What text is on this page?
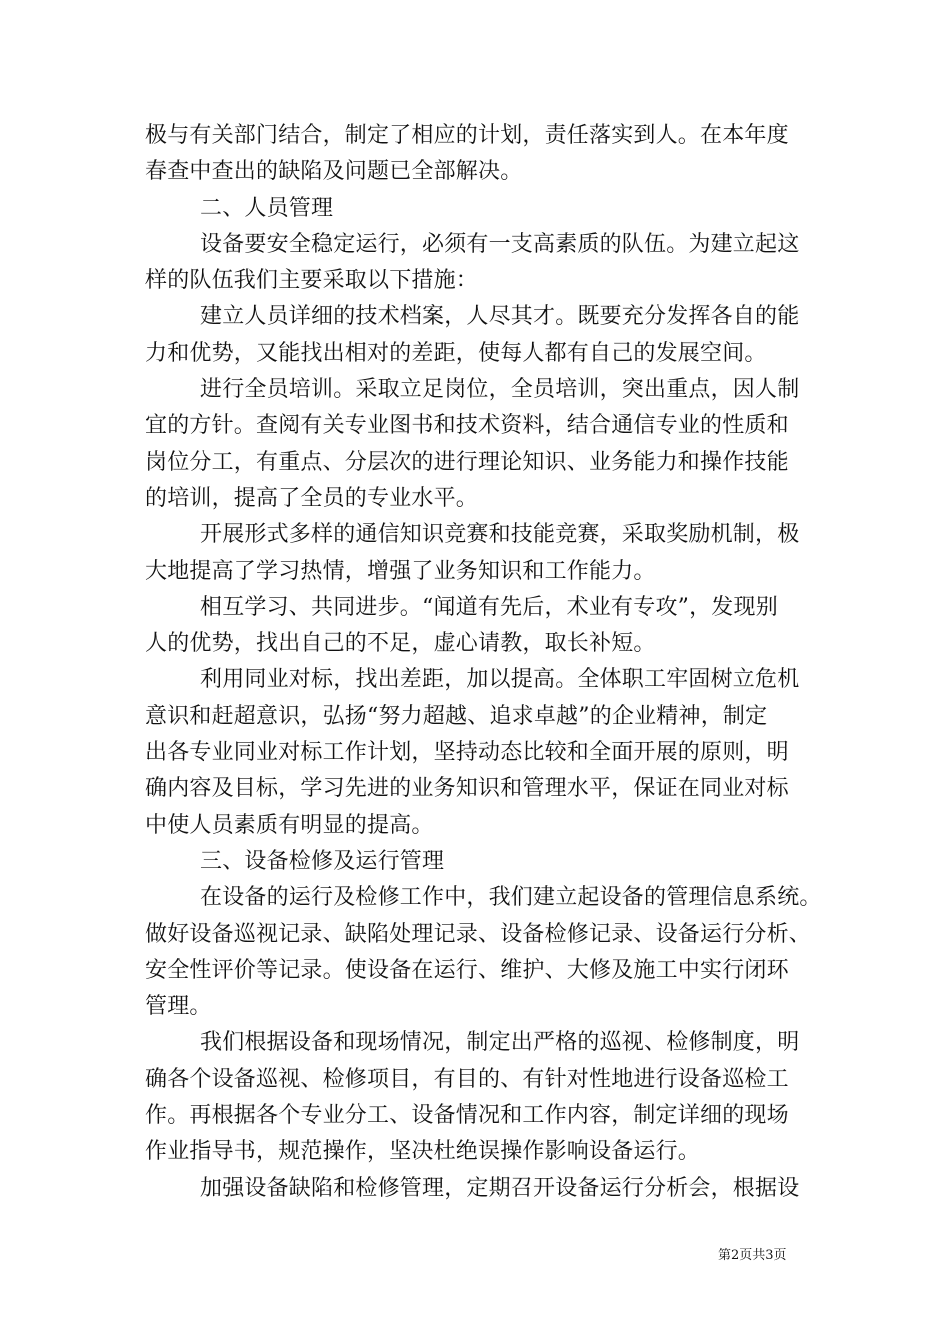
极与有关部门结合，制定了相应的计划，责任落实到人。在本年度
春查中查出的缺陷及问题已全部解决。
二、人员管理
设备要安全稳定运行，必须有一支高素质的队伍。为建立起这
样的队伍我们主要采取以下措施：
建立人员详细的技术档案，人尽其才。既要充分发挥各自的能
力和优势，又能找出相对的差距，使每人都有自己的发展空间。
进行全员培训。采取立足岗位，全员培训，突出重点，因人制
宜的方针。查阅有关专业图书和技术资料，结合通信专业的性质和
岗位分工，有重点、分层次的进行理论知识、业务能力和操作技能
的培训，提高了全员的专业水平。
开展形式多样的通信知识竞赛和技能竞赛，采取奖励机制，极
大地提高了学习热情，增强了业务知识和工作能力。
相互学习、共同进步。“闻道有先后，术业有专攻”，发现别
人的优势，找出自己的不足，虚心请教，取长补短。
利用同业对标，找出差距，加以提高。全体职工牢固树立危机
意识和赶超意识，弘扬“努力超越、追求卓越”的企业精神，制定
出各专业同业对标工作计划，坚持动态比较和全面开展的原则，明
确内容及目标，学习先进的业务知识和管理水平，保证在同业对标
中使人员素质有明显的提高。
三、设备检修及运行管理
在设备的运行及检修工作中，我们建立起设备的管理信息系统。
做好设备巡视记录、缺陷处理记录、设备检修记录、设备运行分析、
安全性评价等记录。使设备在运行、维护、大修及施工中实行闭环
管理。
我们根据设备和现场情况，制定出严格的巡视、检修制度，明
确各个设备巡视、检修项目，有目的、有针对性地进行设备巡检工
作。再根据各个专业分工、设备情况和工作内容，制定详细的现场
作业指导书，规范操作，坚决杜绝误操作影响设备运行。
加强设备缺陷和检修管理，定期召开设备运行分析会，根据设
第2页共3页
